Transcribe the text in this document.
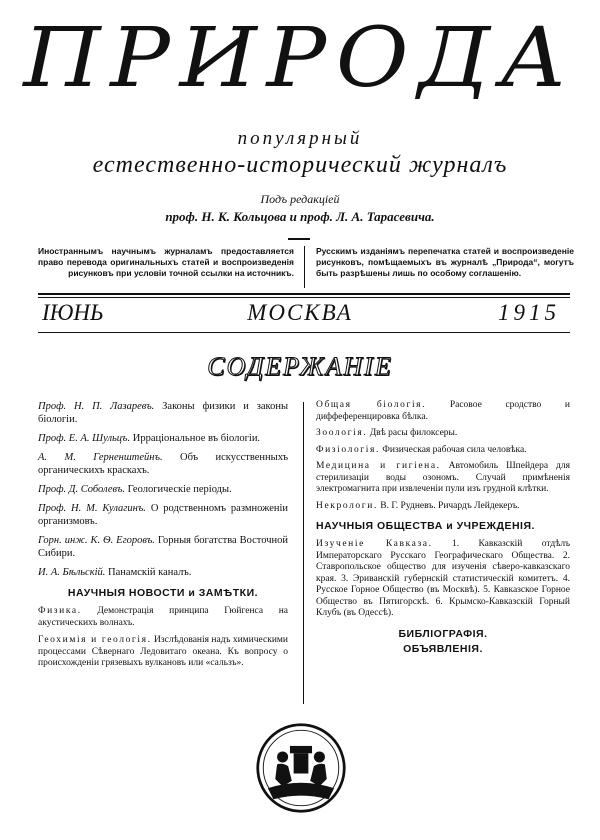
ПРИРОДА
популярный
естественно-исторический журналъ
Подъ редакціей
проф. Н. К. Кольцова и проф. Л. А. Тарасевича.
Иностраннымъ научнымъ журналамъ предоставляется право перевода оригинальныхъ статей и воспроизведенія рисунковъ при условіи точной ссылки на источникъ.
Русскимъ изданіямъ перепечатка статей и воспроизведеніе рисунковъ, помѣщаемыхъ въ журналѣ „Природа“, могутъ быть разрѣшены лишь по особому соглашенію.
ІЮНЬ	МОСКВА	1915
СОДЕРЖАНІЕ

Проф. Н. П. Лазаревъ. Законы физики и законы біологіи.

Проф. Е. А. Шульцъ. Ирраціональное въ біологіи.

А. М. Герненштейнъ. Объ искусственныхъ органическихъ краскахъ.

Проф. Д. Соболевъ. Геологическіе періоды.

Проф. Н. М. Кулагинъ. О родственномъ размноженіи организмовъ.

Горн. инж. К. Ѳ. Егоровъ. Горныя богатства Восточной Сибири.

И. А. Бѣльскій. Панамскій каналъ.

НАУЧНЫЯ НОВОСТИ и ЗАМѢТКИ.

Физика. Демонстрація принципа Гюйгенса на акустическихъ волнахъ.

Геохимія и геологія. Изслѣдованія надъ химическими процессами Сѣвернаго Ледовитаго океана. Къ вопросу о происхожденіи грязевыхъ вулкановъ или «сальзъ».

Общая біологія. Расовое сродство и диффеференцировка бѣлка.

Зоологія. Двѣ расы филоксеры.

Физіологія. Физическая рабочая сила человѣка.

Медицина и гигіена. Автомобиль Шпейдера для стерилизаціи воды озономъ. Случай примѣненія электромагнита при извлеченіи пули изъ грудной клѣтки.

Некрологи. В. Г. Рудневъ. Ричардъ Лейдекеръ.

НАУЧНЫЯ ОБЩЕСТВА и УЧРЕЖДЕНІЯ.

Изученіе Кавказа. 1. Кавказскій отдѣлъ Императорскаго Русскаго Географическаго Общества. 2. Ставропольское общество для изученія сѣверо-кавказскаго края. 3. Эриванскій губернскій статистическій комитетъ. 4. Русское Горное Общество (въ Москвѣ). 5. Кавказское Горное Общество въ Пятигорскѣ. 6. Крымско-Кавказскій Горный Клубъ (въ Одессѣ).

БИБЛІОГРАФІЯ.
ОБЪЯВЛЕНІЯ.
